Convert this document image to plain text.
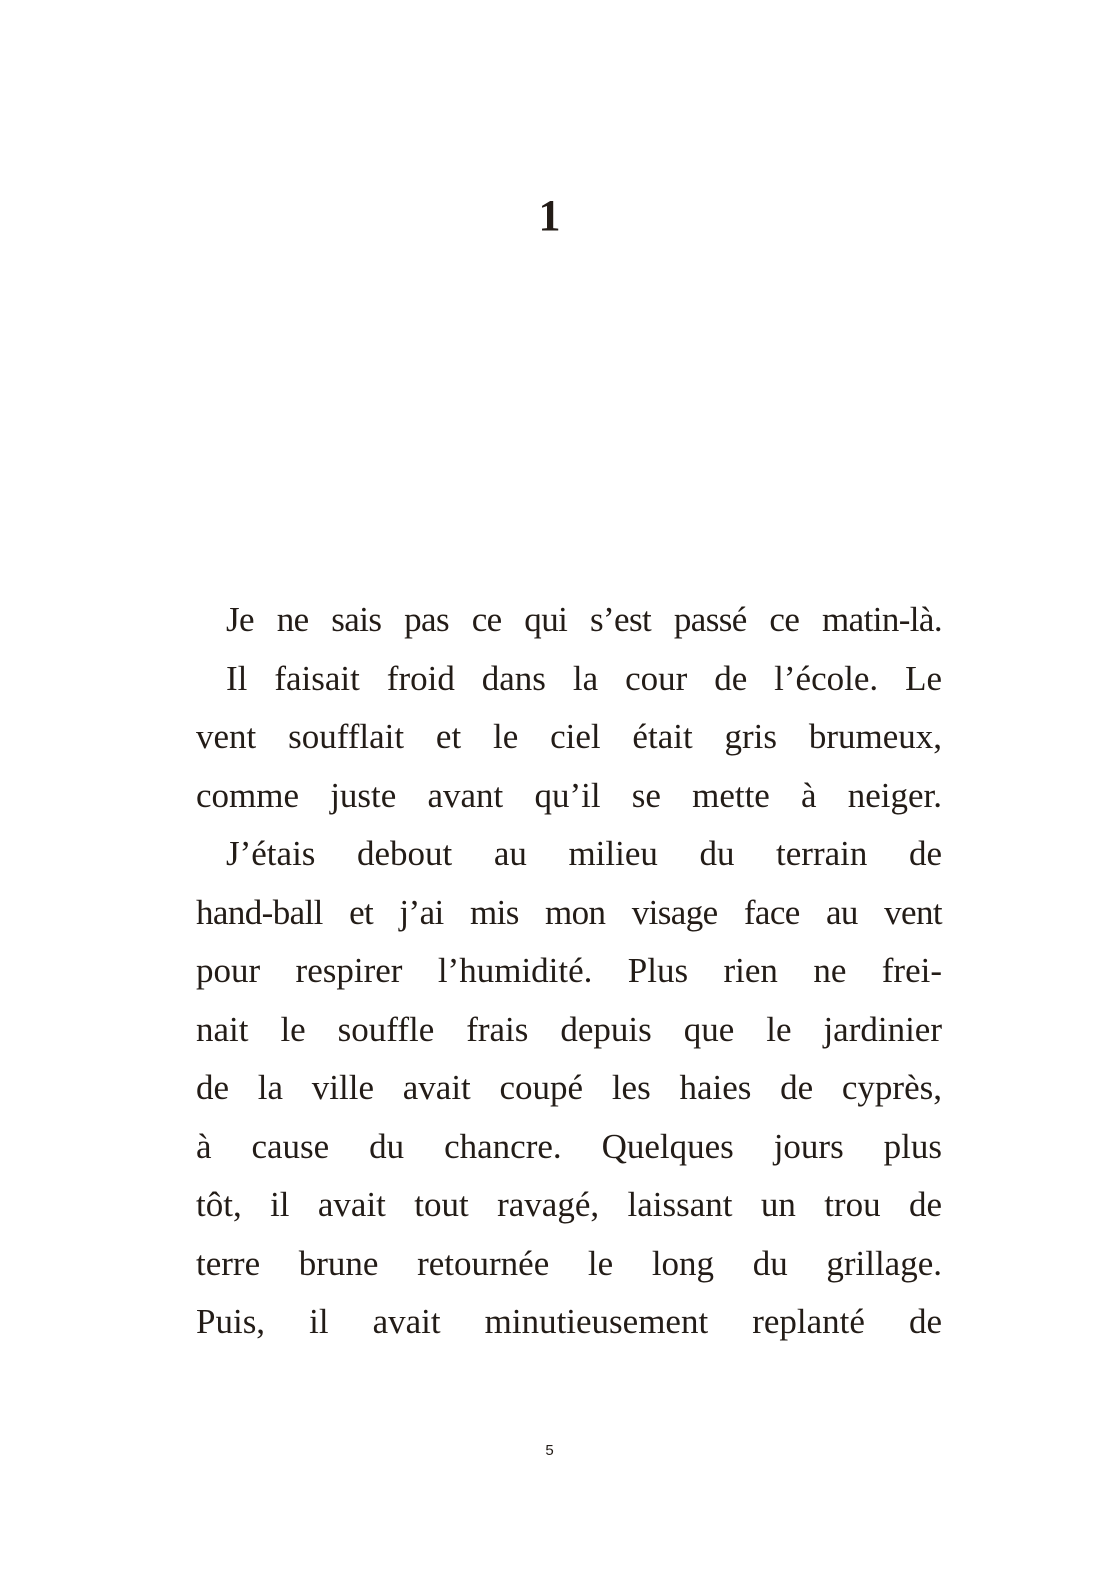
1
Je ne sais pas ce qui s’est passé ce matin-là.
Il faisait froid dans la cour de l’école. Le
vent soufflait et le ciel était gris brumeux,
comme juste avant qu’il se mette à neiger.
J’étais debout au milieu du terrain de
hand-ball et j’ai mis mon visage face au vent
pour respirer l’humidité. Plus rien ne frei-
nait le souffle frais depuis que le jardinier
de la ville avait coupé les haies de cyprès,
à cause du chancre. Quelques jours plus
tôt, il avait tout ravagé, laissant un trou de
terre brune retournée le long du grillage.
Puis, il avait minutieusement replanté de
5
